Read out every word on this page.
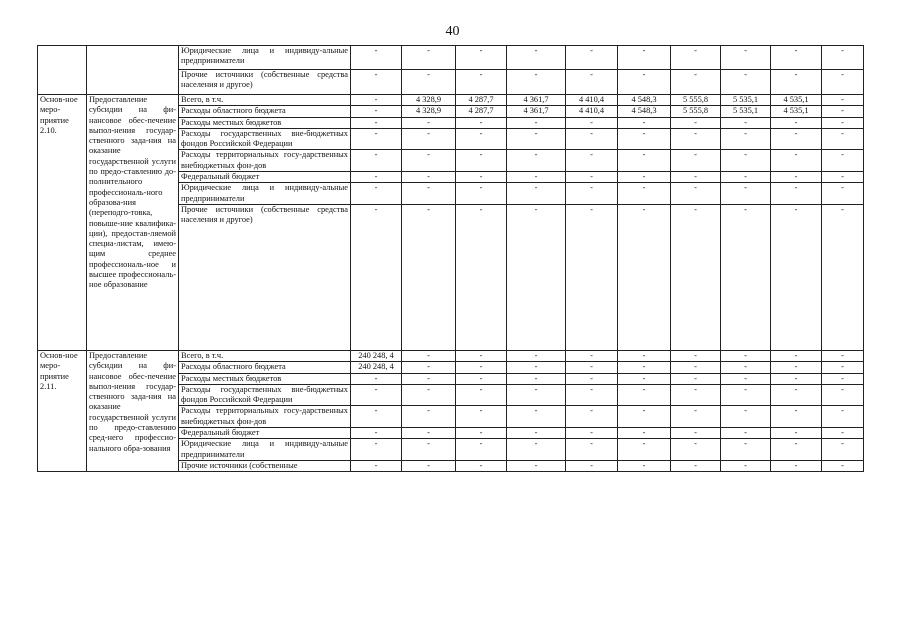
40
		Юридические лица и индивиду-альные предприниматели	-	-	-	-	-	-	-	-	-	-
		Прочие источники (собственные средства населения и другое)	-	-	-	-	-	-	-	-	-	-
Основ-ное меро-приятие 2.10.	Предоставление субсидии на фи-нансовое обес-печение выпол-нения государ-ственного зада-ния на оказание государственной услуги по предо-ставлению до-полнительного профессиональ-ного образова-ния (переподго-товка, повыше-ние квалифика-ции), предостав-ляемой специа-листам, имею-щим среднее профессиональ-ное и высшее профессиональ-ное образование	Всего, в т.ч.	-	4 328,9	4 287,7	4 361,7	4 410,4	4 548,3	5 555,8	5 535,1	4 535,1	-
		Расходы областного бюджета	-	4 328,9	4 287,7	4 361,7	4 410,4	4 548,3	5 555,8	5 535,1	4 535,1	-
		Расходы местных бюджетов	-	-	-	-	-	-	-	-	-	-
		Расходы государственных вне-бюджетных фондов Российской Федерации	-	-	-	-	-	-	-	-	-	-
		Расходы территориальных госу-дарственных внебюджетных фон-дов	-	-	-	-	-	-	-	-	-	-
		Федеральный бюджет	-	-	-	-	-	-	-	-	-	-
		Юридические лица и индивиду-альные предприниматели	-	-	-	-	-	-	-	-	-	-
		Прочие источники (собственные средства населения и другое)	-	-	-	-	-	-	-	-	-	-
Основ-ное меро-приятие 2.11.	Предоставление субсидии на фи-нансовое обес-печение выпол-нения государ-ственного зада-ния на оказание государственной услуги по предо-ставлению сред-него профессио-нального обра-зования	Всего, в т.ч.	240 248, 4	-	-	-	-	-	-	-	-	-
		Расходы областного бюджета	240 248, 4	-	-	-	-	-	-	-	-	-
		Расходы местных бюджетов	-	-	-	-	-	-	-	-	-	-
		Расходы государственных вне-бюджетных фондов Российской Федерации	-	-	-	-	-	-	-	-	-	-
		Расходы территориальных госу-дарственных внебюджетных фон-дов	-	-	-	-	-	-	-	-	-	-
		Федеральный бюджет	-	-	-	-	-	-	-	-	-	-
		Юридические лица и индивиду-альные предприниматели	-	-	-	-	-	-	-	-	-	-
		Прочие источники (собственные	-	-	-	-	-	-	-	-	-	-
